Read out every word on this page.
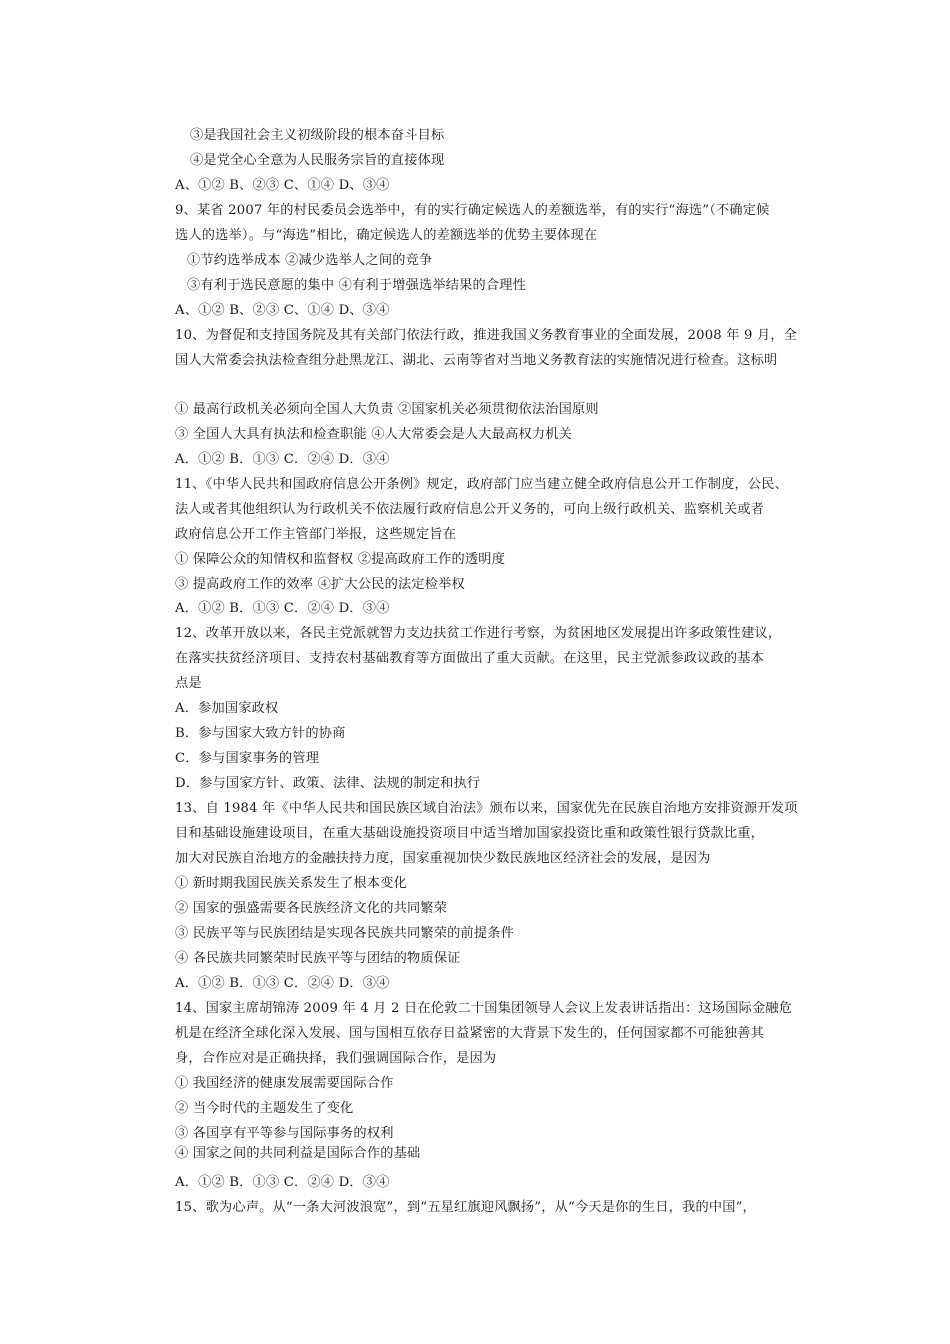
③是我国社会主义初级阶段的根本奋斗目标
④是党全心全意为人民服务宗旨的直接体现
A、①② B、②③ C、①④ D、③④
9、某省 2007 年的村民委员会选举中，有的实行确定候选人的差额选举，有的实行“海选”（不确定候
选人的选举）。与“海选”相比，确定候选人的差额选举的优势主要体现在
①节约选举成本 ②减少选举人之间的竞争
③有利于选民意愿的集中 ④有利于增强选举结果的合理性
A、①② B、②③ C、①④ D、③④
10、为督促和支持国务院及其有关部门依法行政，推进我国义务教育事业的全面发展，2008 年 9 月，全
国人大常委会执法检查组分赴黑龙江、湖北、云南等省对当地义务教育法的实施情况进行检查。这标明
① 最高行政机关必须向全国人大负责 ②国家机关必须贯彻依法治国原则
③ 全国人大具有执法和检查职能 ④人大常委会是人大最高权力机关
A．①② B．①③ C．②④ D．③④
11、《中华人民共和国政府信息公开条例》规定，政府部门应当建立健全政府信息公开工作制度，公民、
法人或者其他组织认为行政机关不依法履行政府信息公开义务的，可向上级行政机关、监察机关或者
政府信息公开工作主管部门举报，这些规定旨在
① 保障公众的知情权和监督权 ②提高政府工作的透明度
③ 提高政府工作的效率 ④扩大公民的法定检举权
A．①② B．①③ C．②④ D．③④
12、改革开放以来，各民主党派就智力支边扶贫工作进行考察，为贫困地区发展提出许多政策性建议，
在落实扶贫经济项目、支持农村基础教育等方面做出了重大贡献。在这里，民主党派参政议政的基本
点是
A．参加国家政权
B．参与国家大致方针的协商
C．参与国家事务的管理
D．参与国家方针、政策、法律、法规的制定和执行
13、自 1984 年《中华人民共和国民族区域自治法》颁布以来，国家优先在民族自治地方安排资源开发项
目和基础设施建设项目，在重大基础设施投资项目中适当增加国家投资比重和政策性银行贷款比重，
加大对民族自治地方的金融扶持力度，国家重视加快少数民族地区经济社会的发展，是因为
① 新时期我国民族关系发生了根本变化
② 国家的强盛需要各民族经济文化的共同繁荣
③ 民族平等与民族团结是实现各民族共同繁荣的前提条件
④ 各民族共同繁荣时民族平等与团结的物质保证
A．①② B．①③ C．②④ D．③④
14、国家主席胡锦涛 2009 年 4 月 2 日在伦敦二十国集团领导人会议上发表讲话指出：这场国际金融危
机是在经济全球化深入发展、国与国相互依存日益紧密的大背景下发生的，任何国家都不可能独善其
身，合作应对是正确抉择，我们强调国际合作，是因为
① 我国经济的健康发展需要国际合作
② 当今时代的主题发生了变化
③ 各国享有平等参与国际事务的权利
④ 国家之间的共同利益是国际合作的基础
A．①② B．①③ C．②④ D．③④
15、歌为心声。从“一条大河波浪宽”，到“五星红旗迎风飘扬”，从“今天是你的生日，我的中国”，
